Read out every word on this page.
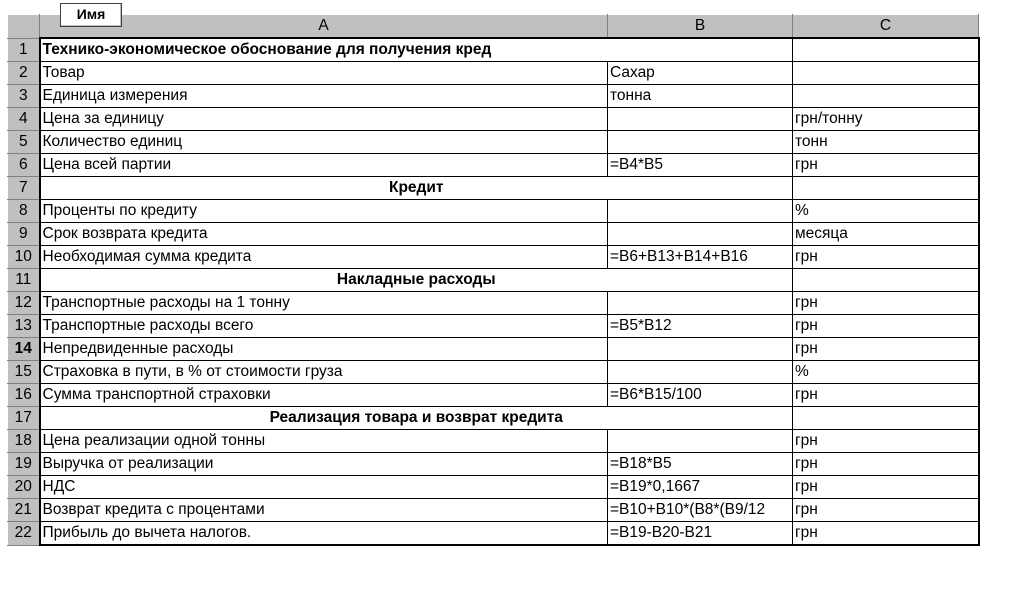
Имя	A	B	C
1	Технико-экономическое обоснование для получения кред		
2	Товар	Сахар	
3	Единица измерения	тонна	
4	Цена за единицу		грн/тонну
5	Количество единиц		тонн
6	Цена всей партии	=B4*B5	грн
7	Кредит		
8	Проценты по кредиту		%
9	Срок возврата кредита		месяца
10	Необходимая сумма кредита	=B6+B13+B14+B16	грн
11	Накладные расходы		
12	Транспортные расходы на 1 тонну		грн
13	Транспортные расходы всего	=B5*B12	грн
14	Непредвиденные расходы		грн
15	Страховка в пути, в % от стоимости груза		%
16	Сумма транспортной страховки	=B6*B15/100	грн
17	Реализация товара и возврат кредита		
18	Цена реализации одной тонны		грн
19	Выручка от реализации	=B18*B5	грн
20	НДС	=B19*0,1667	грн
21	Возврат кредита с процентами	=B10+B10*(B8*(B9/12	грн
22	Прибыль до вычета налогов.	=B19-B20-B21	грн
